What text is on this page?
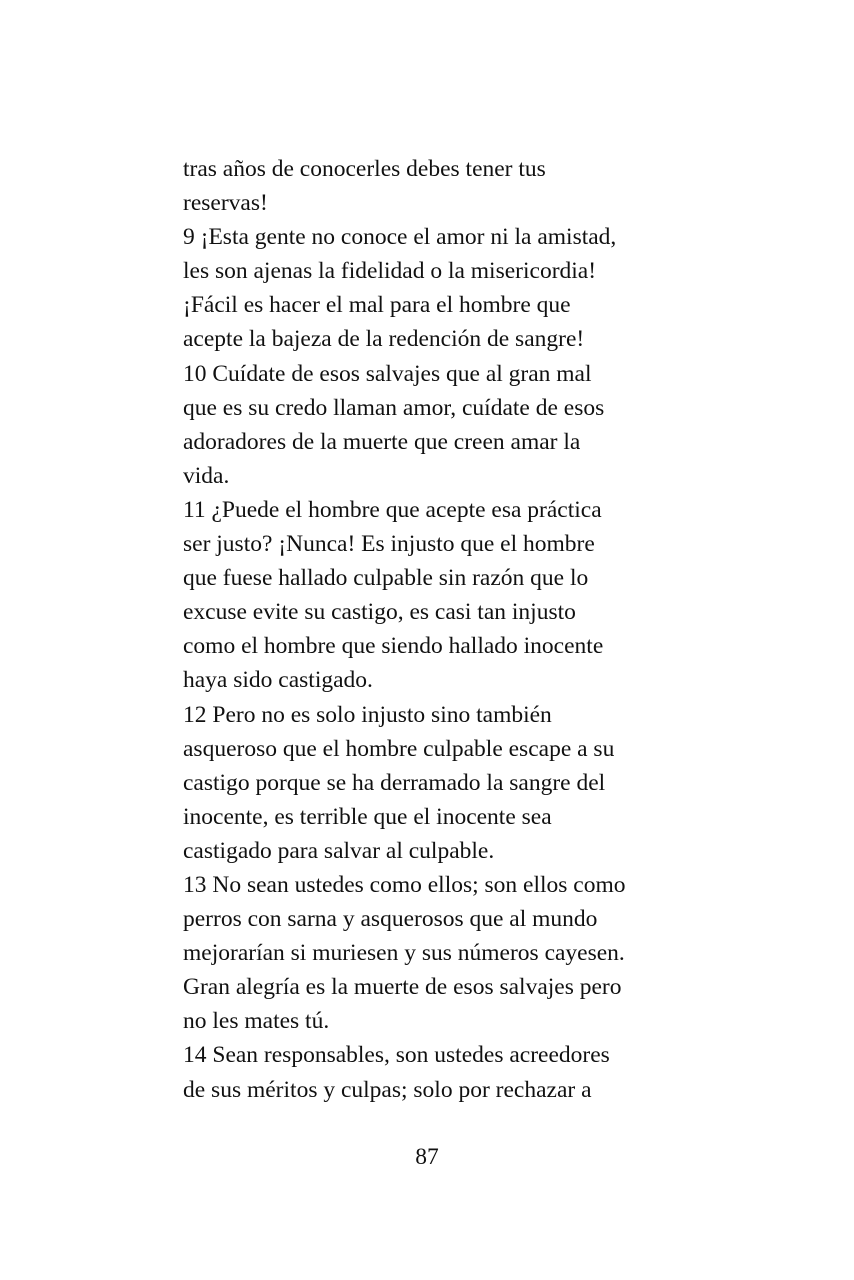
tras años de conocerles debes tener tus
reservas!
9 ¡Esta gente no conoce el amor ni la amistad,
les son ajenas la fidelidad o la misericordia!
¡Fácil es hacer el mal para el hombre que
acepte la bajeza de la redención de sangre!
10 Cuídate de esos salvajes que al gran mal
que es su credo llaman amor, cuídate de esos
adoradores de la muerte que creen amar la
vida.
11 ¿Puede el hombre que acepte esa práctica
ser justo? ¡Nunca! Es injusto que el hombre
que fuese hallado culpable sin razón que lo
excuse evite su castigo, es casi tan injusto
como el hombre que siendo hallado inocente
haya sido castigado.
12 Pero no es solo injusto sino también
asqueroso que el hombre culpable escape a su
castigo porque se ha derramado la sangre del
inocente, es terrible que el inocente sea
castigado para salvar al culpable.
13 No sean ustedes como ellos; son ellos como
perros con sarna y asquerosos que al mundo
mejorarían si muriesen y sus números cayesen.
Gran alegría es la muerte de esos salvajes pero
no les mates tú.
14 Sean responsables, son ustedes acreedores
de sus méritos y culpas; solo por rechazar a
87
